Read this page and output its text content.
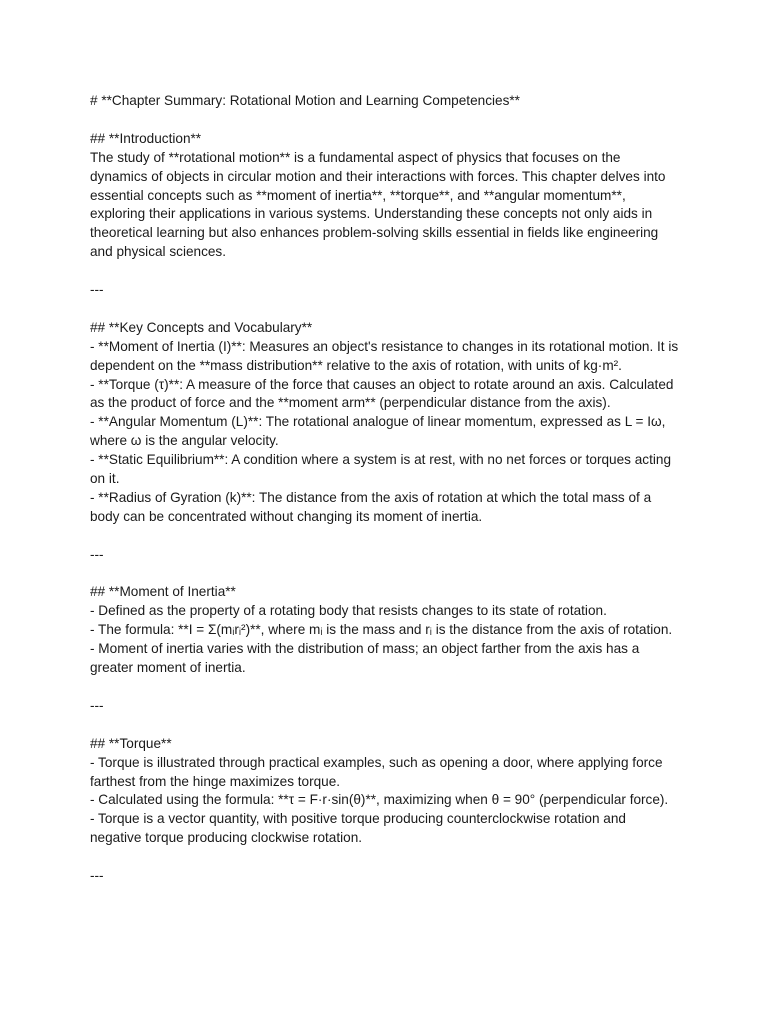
# **Chapter Summary: Rotational Motion and Learning Competencies**

## **Introduction**

The study of **rotational motion** is a fundamental aspect of physics that focuses on the dynamics of objects in circular motion and their interactions with forces. This chapter delves into essential concepts such as **moment of inertia**, **torque**, and **angular momentum**, exploring their applications in various systems. Understanding these concepts not only aids in theoretical learning but also enhances problem-solving skills essential in fields like engineering and physical sciences.

---

## **Key Concepts and Vocabulary**

- **Moment of Inertia (I)**: Measures an object's resistance to changes in its rotational motion. It is dependent on the **mass distribution** relative to the axis of rotation, with units of kg·m².
- **Torque (τ)**: A measure of the force that causes an object to rotate around an axis. Calculated as the product of force and the **moment arm** (perpendicular distance from the axis).
- **Angular Momentum (L)**: The rotational analogue of linear momentum, expressed as L = Iω, where ω is the angular velocity.
- **Static Equilibrium**: A condition where a system is at rest, with no net forces or torques acting on it.
- **Radius of Gyration (k)**: The distance from the axis of rotation at which the total mass of a body can be concentrated without changing its moment of inertia.

---

## **Moment of Inertia**

- Defined as the property of a rotating body that resists changes to its state of rotation.
- The formula: **I = Σ(mᵢrᵢ²)**, where mᵢ is the mass and rᵢ is the distance from the axis of rotation.
- Moment of inertia varies with the distribution of mass; an object farther from the axis has a greater moment of inertia.

---

## **Torque**

- Torque is illustrated through practical examples, such as opening a door, where applying force farthest from the hinge maximizes torque.
- Calculated using the formula: **τ = F·r·sin(θ)**, maximizing when θ = 90° (perpendicular force).
- Torque is a vector quantity, with positive torque producing counterclockwise rotation and negative torque producing clockwise rotation.

---
